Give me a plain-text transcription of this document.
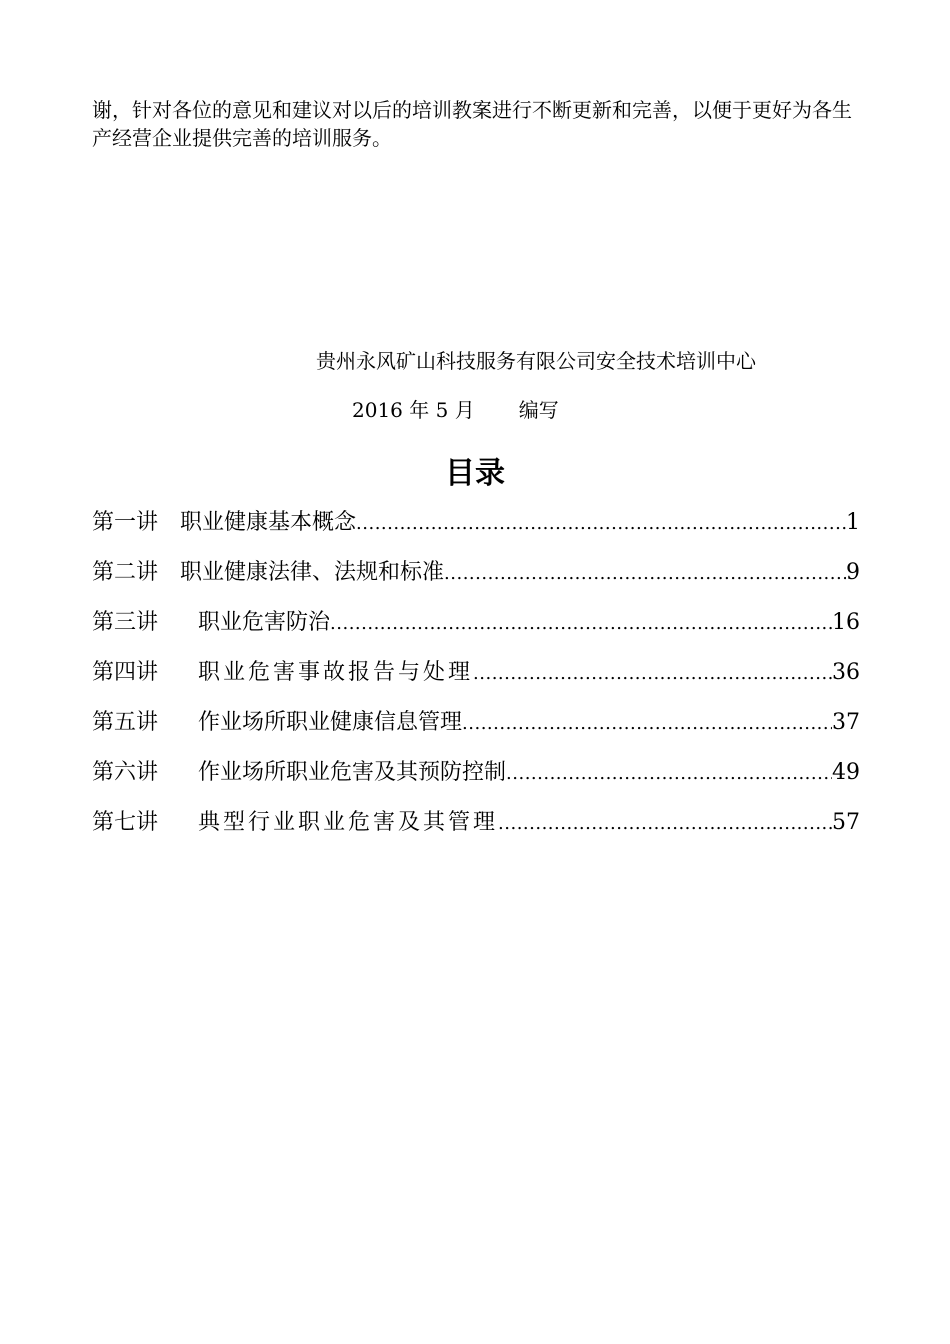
谢，针对各位的意见和建议对以后的培训教案进行不断更新和完善，以便于更好为各生产经营企业提供完善的培训服务。

贵州永风矿山科技服务有限公司安全技术培训中心
2016 年 5 月 编写
目录
第一讲 职业健康基本概念 .....	1
第二讲 职业健康法律、法规和标准 .....	9
第三讲 职业危害防治 .....	16
第四讲 职业危害事故报告与处理 .....	36
第五讲 作业场所职业健康信息管理 .....	37
第六讲 作业场所职业危害及其预防控制 .....	49
第七讲 典型行业职业危害及其管理 .....	57
